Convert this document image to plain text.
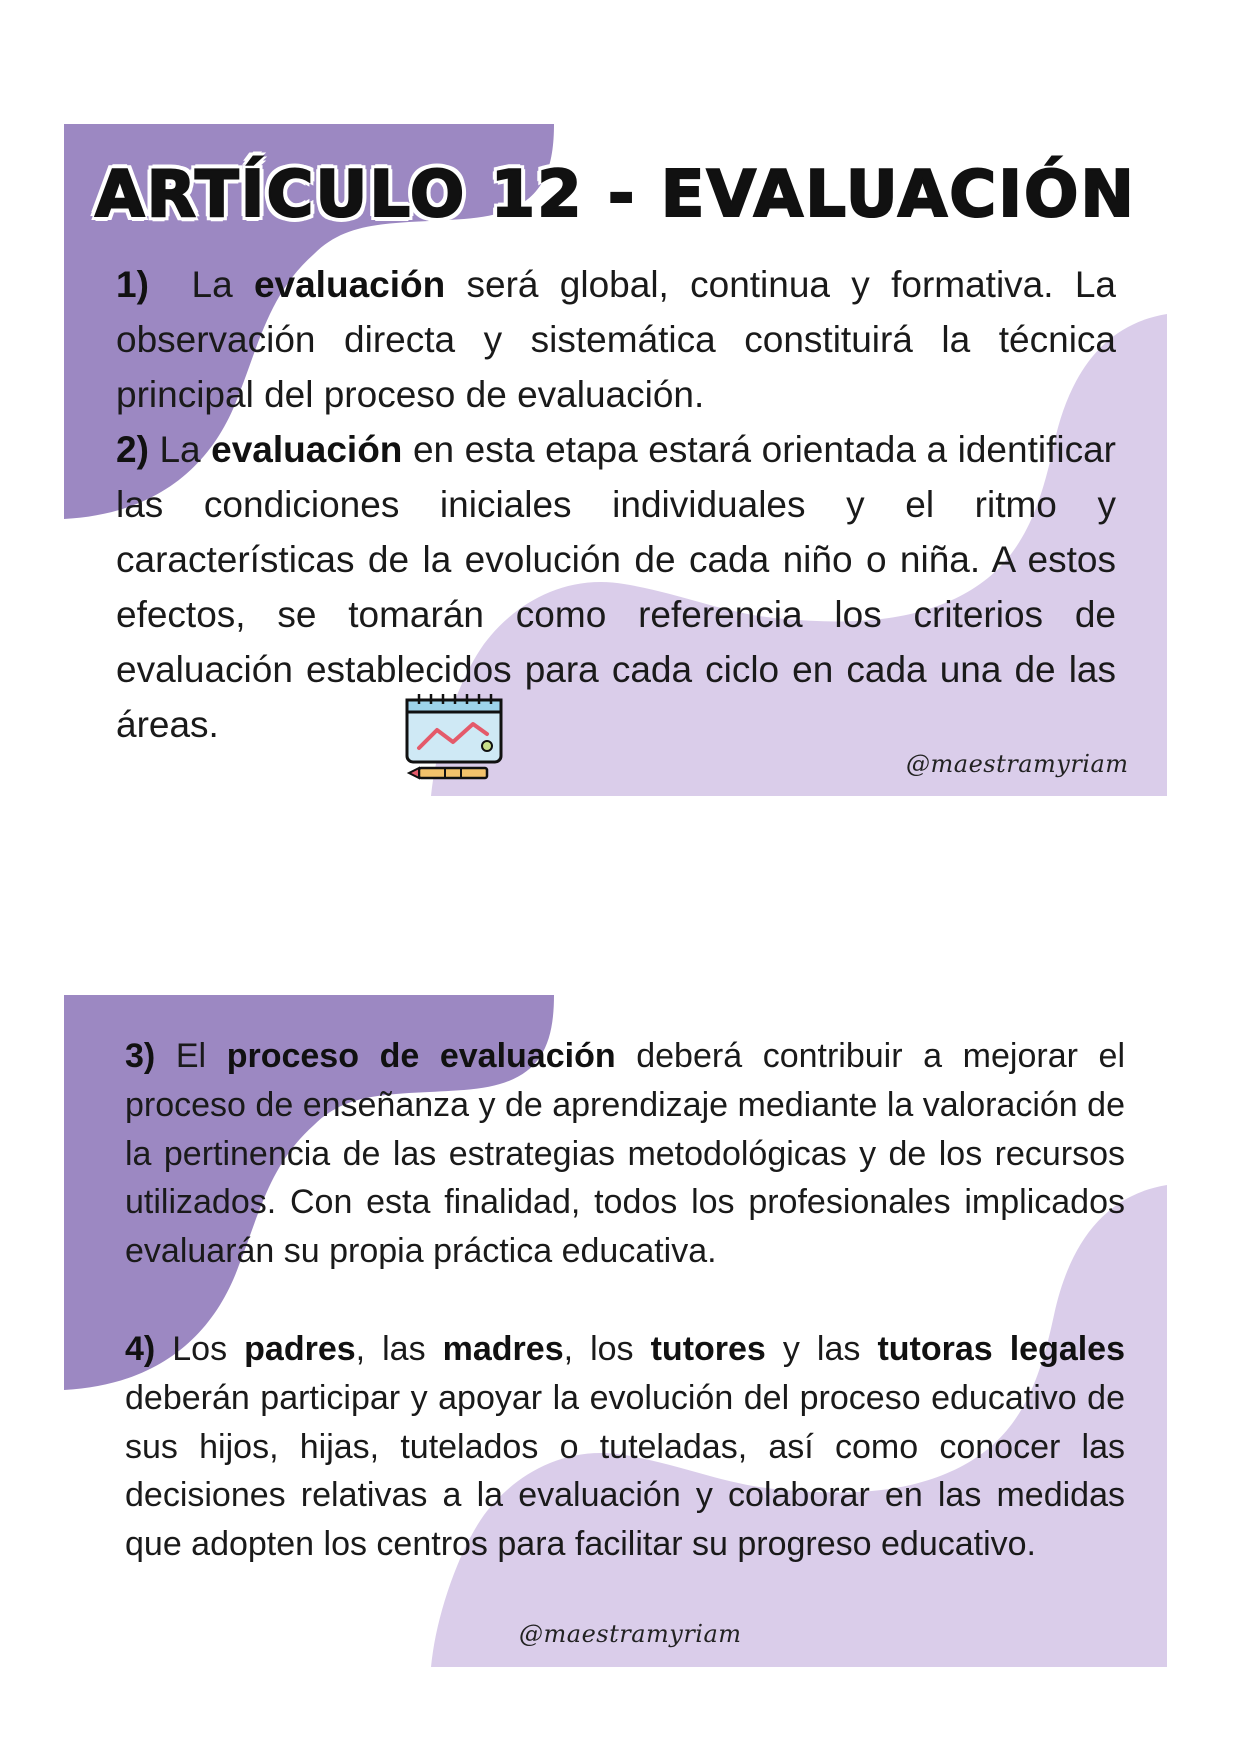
ARTÍCULO 12 - EVALUACIÓN

1)  La evaluación será global, continua y formativa. La observación directa y sistemática constituirá la técnica principal del proceso de evaluación.

2) La evaluación en esta etapa estará orientada a identificar las condiciones iniciales individuales y el ritmo y características de la evolución de cada niño o niña. A estos efectos, se tomarán como referencia los criterios de evaluación establecidos para cada ciclo en cada una de las áreas.

@maestramyriam

3) El proceso de evaluación deberá contribuir a mejorar el proceso de enseñanza y de aprendizaje mediante la valoración de la pertinencia de las estrategias metodológicas y de los recursos utilizados. Con esta finalidad, todos los profesionales implicados evaluarán su propia práctica educativa.

4) Los padres, las madres, los tutores y las tutoras legales deberán participar y apoyar la evolución del proceso educativo de sus hijos, hijas, tutelados o tuteladas, así como conocer las decisiones relativas a la evaluación y colaborar en las medidas que adopten los centros para facilitar su progreso educativo.

@maestramyriam
